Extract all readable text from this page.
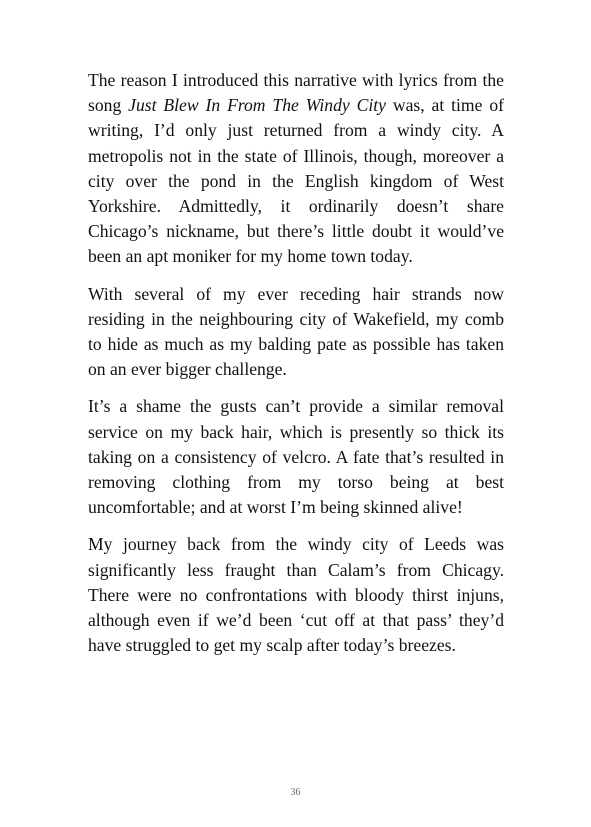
The reason I introduced this narrative with lyrics from the song Just Blew In From The Windy City was, at time of writing, I’d only just returned from a windy city. A metropolis not in the state of Illinois, though, moreover a city over the pond in the English kingdom of West Yorkshire. Admittedly, it ordinarily doesn’t share Chicago’s nickname, but there’s little doubt it would’ve been an apt moniker for my home town today.

With several of my ever receding hair strands now residing in the neighbouring city of Wakefield, my comb to hide as much as my balding pate as possible has taken on an ever bigger challenge.

It’s a shame the gusts can’t provide a similar removal service on my back hair, which is presently so thick its taking on a consistency of velcro. A fate that’s resulted in removing clothing from my torso being at best uncomfortable; and at worst I’m being skinned alive!

My journey back from the windy city of Leeds was significantly less fraught than Calam’s from Chicagy. There were no confrontations with bloody thirst injuns, although even if we’d been ‘cut off at that pass’ they’d have struggled to get my scalp after today’s breezes.

36
